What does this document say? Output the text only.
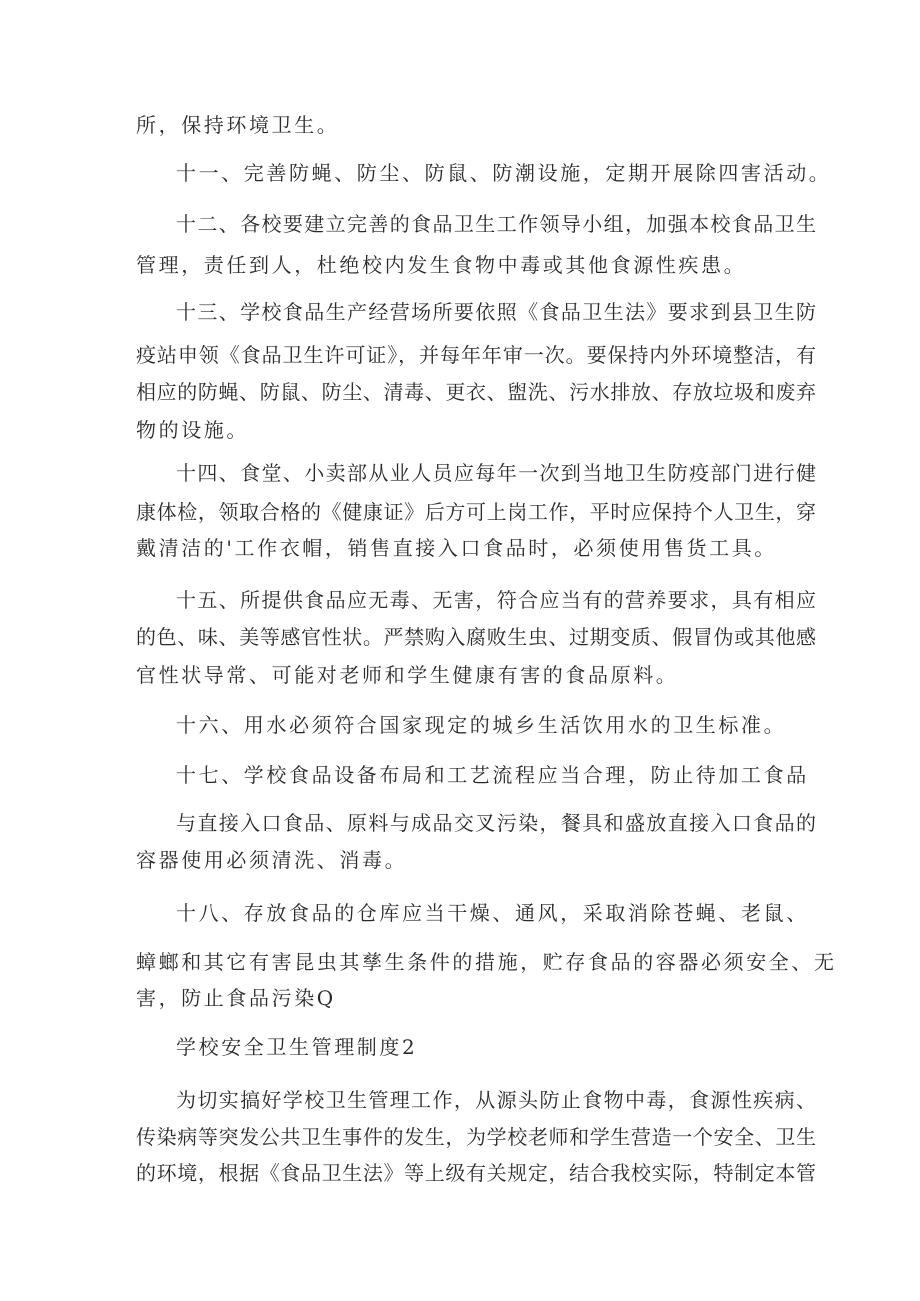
所，保持环境卫生。
十一、完善防蝇、防尘、防鼠、防潮设施，定期开展除四害活动。
十二、各校要建立完善的食品卫生工作领导小组，加强本校食品卫生
管理，责任到人，杜绝校内发生食物中毒或其他食源性疾患。
十三、学校食品生产经营场所要依照《食品卫生法》要求到县卫生防
疫站申领《食品卫生许可证》，并每年年审一次。要保持内外环境整洁，有
相应的防蝇、防鼠、防尘、清毒、更衣、盥洗、污水排放、存放垃圾和废弃
物的设施。
十四、食堂、小卖部从业人员应每年一次到当地卫生防疫部门进行健
康体检，领取合格的《健康证》后方可上岗工作，平时应保持个人卫生，穿
戴清洁的'工作衣帽，销售直接入口食品时，必须使用售货工具。
十五、所提供食品应无毒、无害，符合应当有的营养要求，具有相应
的色、味、美等感官性状。严禁购入腐败生虫、过期变质、假冒伪或其他感
官性状导常、可能对老师和学生健康有害的食品原料。
十六、用水必须符合国家现定的城乡生活饮用水的卫生标准。
十七、学校食品设备布局和工艺流程应当合理，防止待加工食品
与直接入口食品、原料与成品交叉污染，餐具和盛放直接入口食品的
容器使用必须清洗、消毒。
十八、存放食品的仓库应当干燥、通风，采取消除苍蝇、老鼠、
蟑螂和其它有害昆虫其孳生条件的措施，贮存食品的容器必须安全、无
害，防止食品污染Q
学校安全卫生管理制度2
为切实搞好学校卫生管理工作，从源头防止食物中毒，食源性疾病、
传染病等突发公共卫生事件的发生，为学校老师和学生营造一个安全、卫生
的环境，根据《食品卫生法》等上级有关规定，结合我校实际，特制定本管
